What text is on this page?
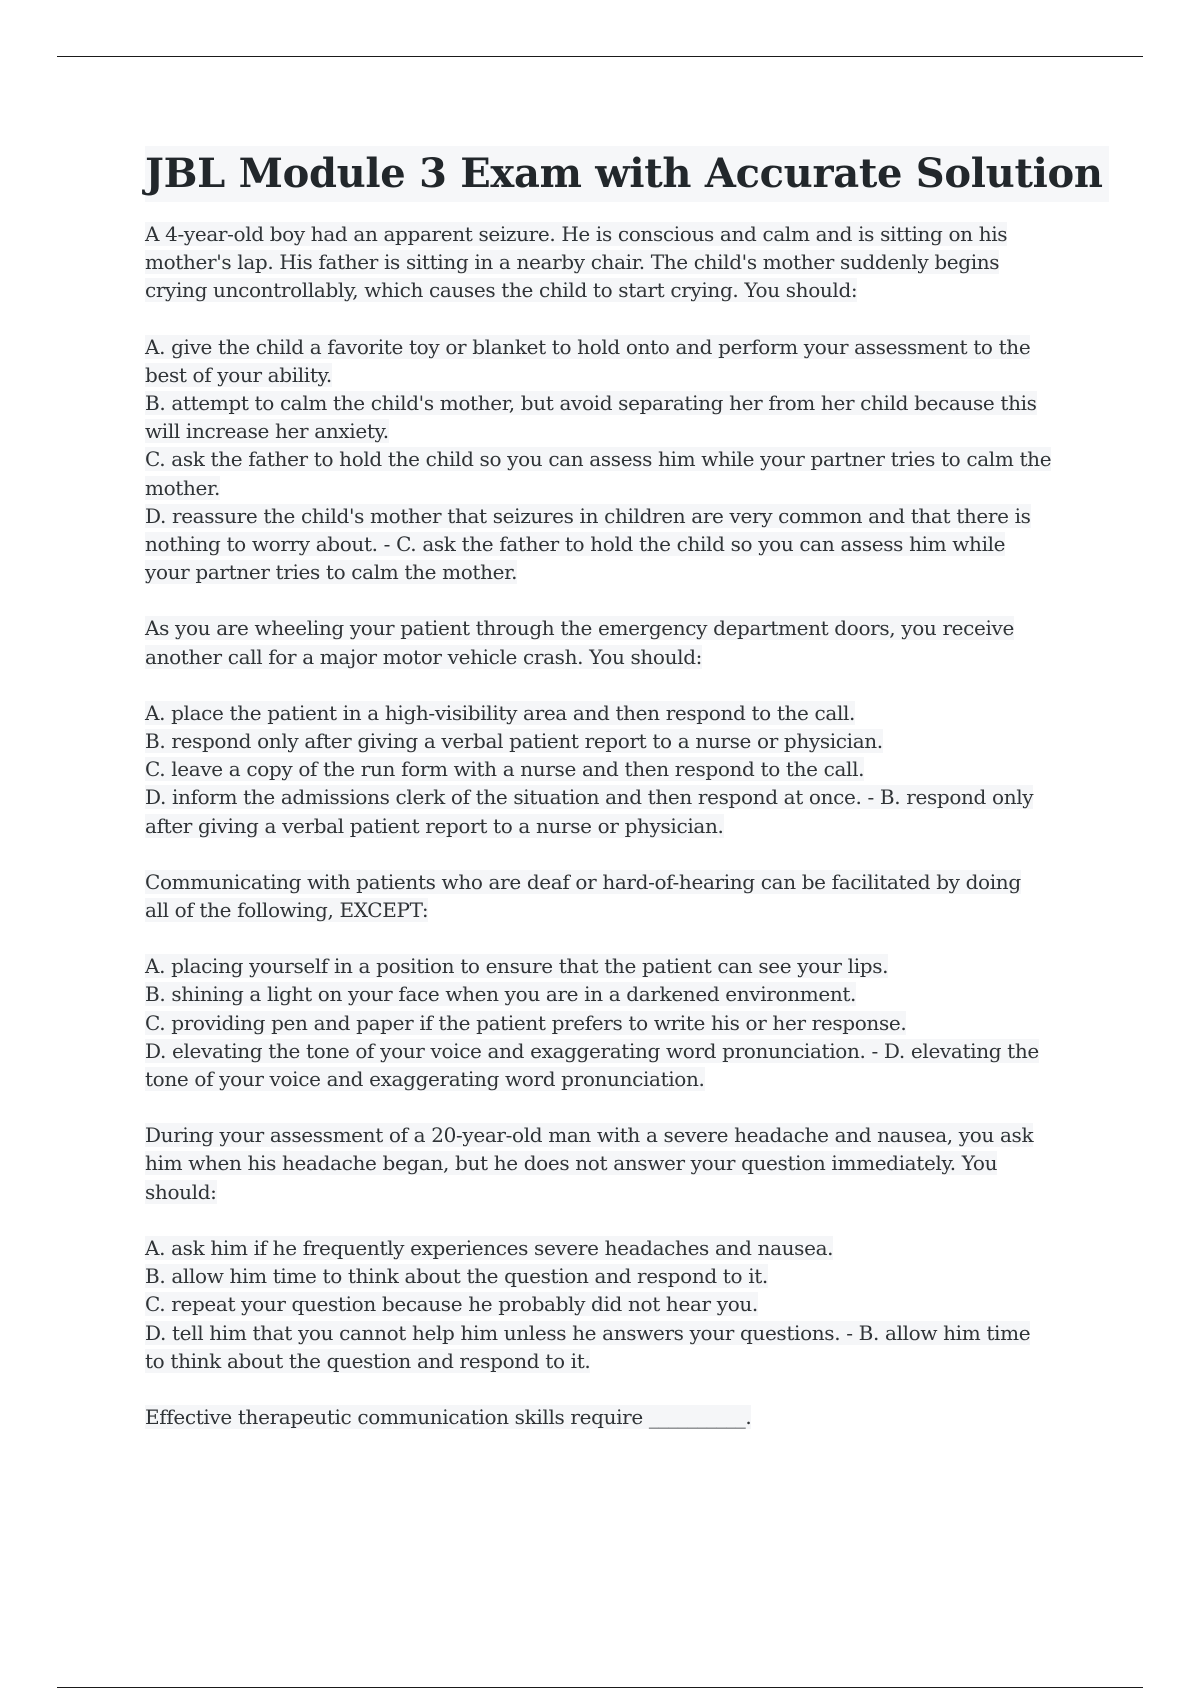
JBL Module 3 Exam with Accurate Solution
A 4-year-old boy had an apparent seizure. He is conscious and calm and is sitting on his
mother's lap. His father is sitting in a nearby chair. The child's mother suddenly begins
crying uncontrollably, which causes the child to start crying. You should:
A. give the child a favorite toy or blanket to hold onto and perform your assessment to the
best of your ability.
B. attempt to calm the child's mother, but avoid separating her from her child because this
will increase her anxiety.
C. ask the father to hold the child so you can assess him while your partner tries to calm the
mother.
D. reassure the child's mother that seizures in children are very common and that there is
nothing to worry about. - C. ask the father to hold the child so you can assess him while
your partner tries to calm the mother.
As you are wheeling your patient through the emergency department doors, you receive
another call for a major motor vehicle crash. You should:
A. place the patient in a high-visibility area and then respond to the call.
B. respond only after giving a verbal patient report to a nurse or physician.
C. leave a copy of the run form with a nurse and then respond to the call.
D. inform the admissions clerk of the situation and then respond at once. - B. respond only
after giving a verbal patient report to a nurse or physician.
Communicating with patients who are deaf or hard-of-hearing can be facilitated by doing
all of the following, EXCEPT:
A. placing yourself in a position to ensure that the patient can see your lips.
B. shining a light on your face when you are in a darkened environment.
C. providing pen and paper if the patient prefers to write his or her response.
D. elevating the tone of your voice and exaggerating word pronunciation. - D. elevating the
tone of your voice and exaggerating word pronunciation.
During your assessment of a 20-year-old man with a severe headache and nausea, you ask
him when his headache began, but he does not answer your question immediately. You
should:
A. ask him if he frequently experiences severe headaches and nausea.
B. allow him time to think about the question and respond to it.
C. repeat your question because he probably did not hear you.
D. tell him that you cannot help him unless he answers your questions. - B. allow him time
to think about the question and respond to it.
Effective therapeutic communication skills require __________.
